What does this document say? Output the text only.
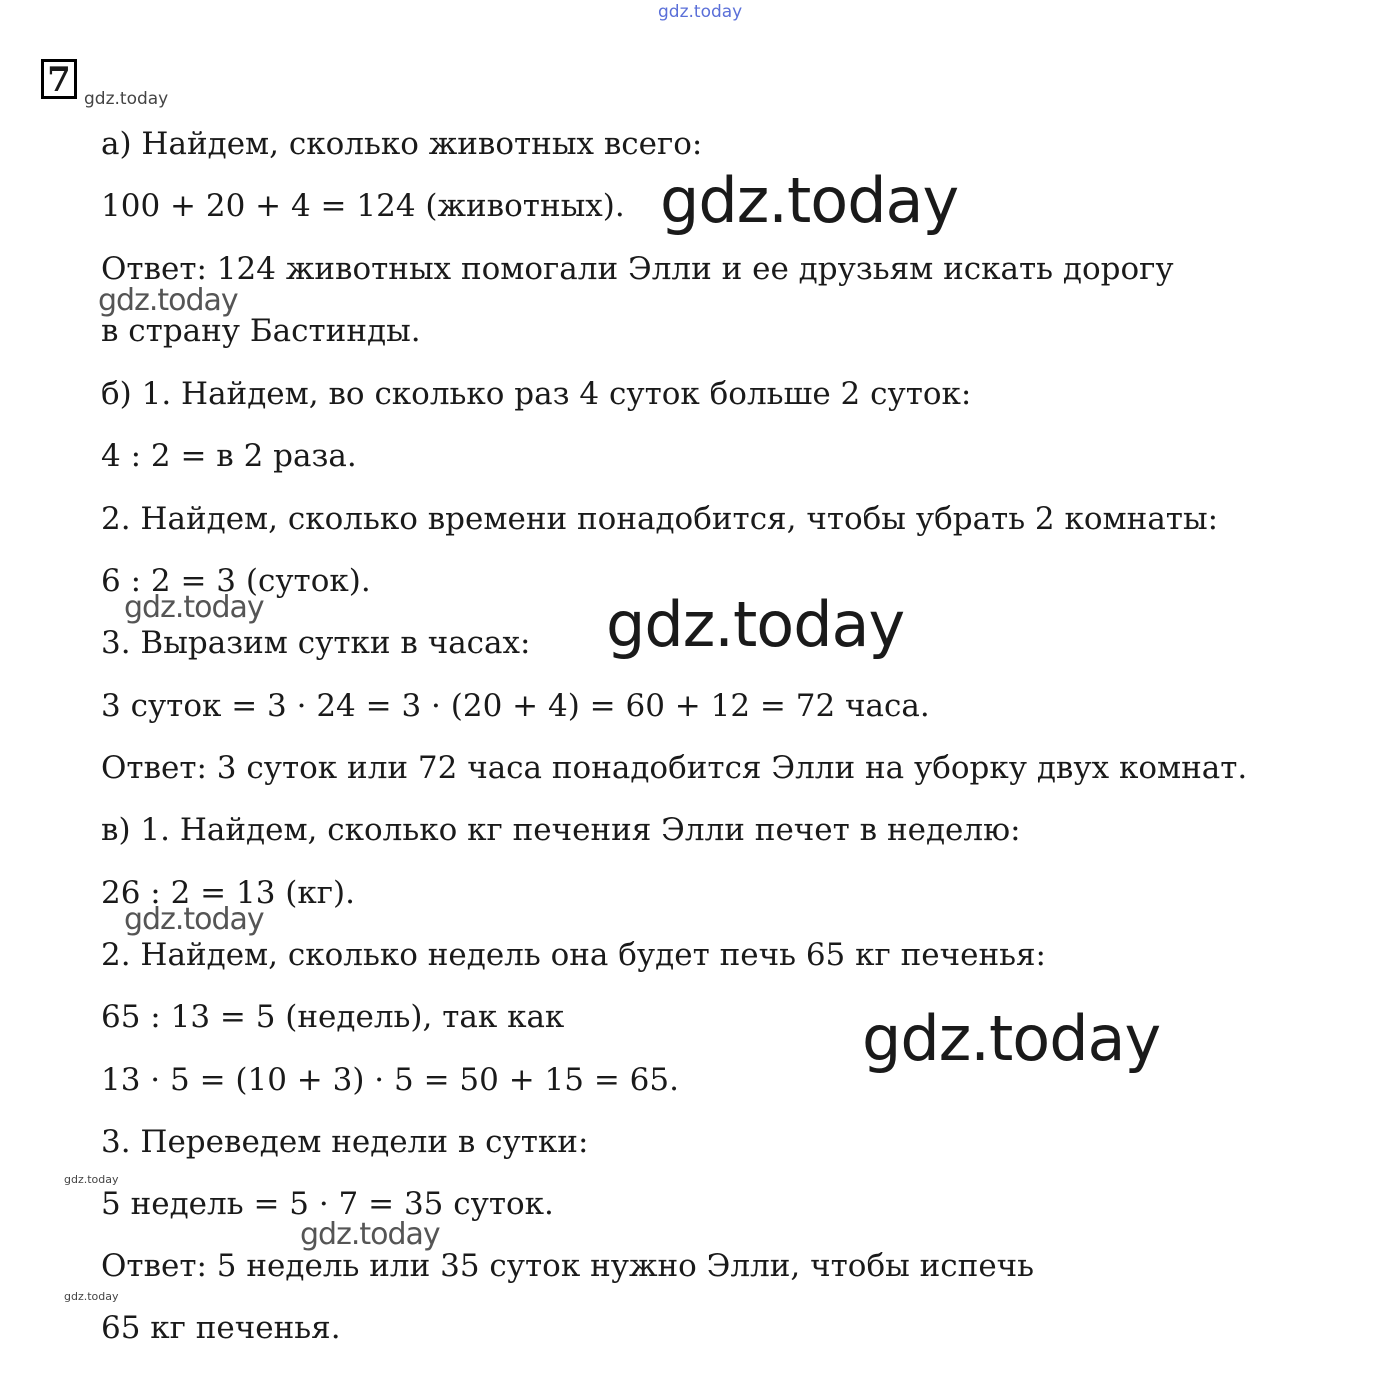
gdz.today
7 gdz.today
а) Найдем, сколько животных всего:
100 + 20 + 4 = 124 (животных). gdz.today
Ответ: 124 животных помогали Элли и ее друзьям искать дорогу
gdz.today
в страну Бастинды.
б) 1. Найдем, во сколько раз 4 суток больше 2 суток:
4 : 2 = в 2 раза.
2. Найдем, сколько времени понадобится, чтобы убрать 2 комнаты:
6 : 2 = 3 (суток).
gdz.today	gdz.today
3. Выразим сутки в часах:
3 суток = 3 · 24 = 3 · (20 + 4) = 60 + 12 = 72 часа.
Ответ: 3 суток или 72 часа понадобится Элли на уборку двух комнат.
в) 1. Найдем, сколько кг печения Элли печет в неделю:
26 : 2 = 13 (кг).
gdz.today
2. Найдем, сколько недель она будет печь 65 кг печенья:
65 : 13 = 5 (недель), так как	gdz.today
13 · 5 = (10 + 3) · 5 = 50 + 15 = 65.
3. Переведем недели в сутки:
gdz.today
5 недель = 5 · 7 = 35 суток.
gdz.today
Ответ: 5 недель или 35 суток нужно Элли, чтобы испечь
gdz.today
65 кг печенья.
